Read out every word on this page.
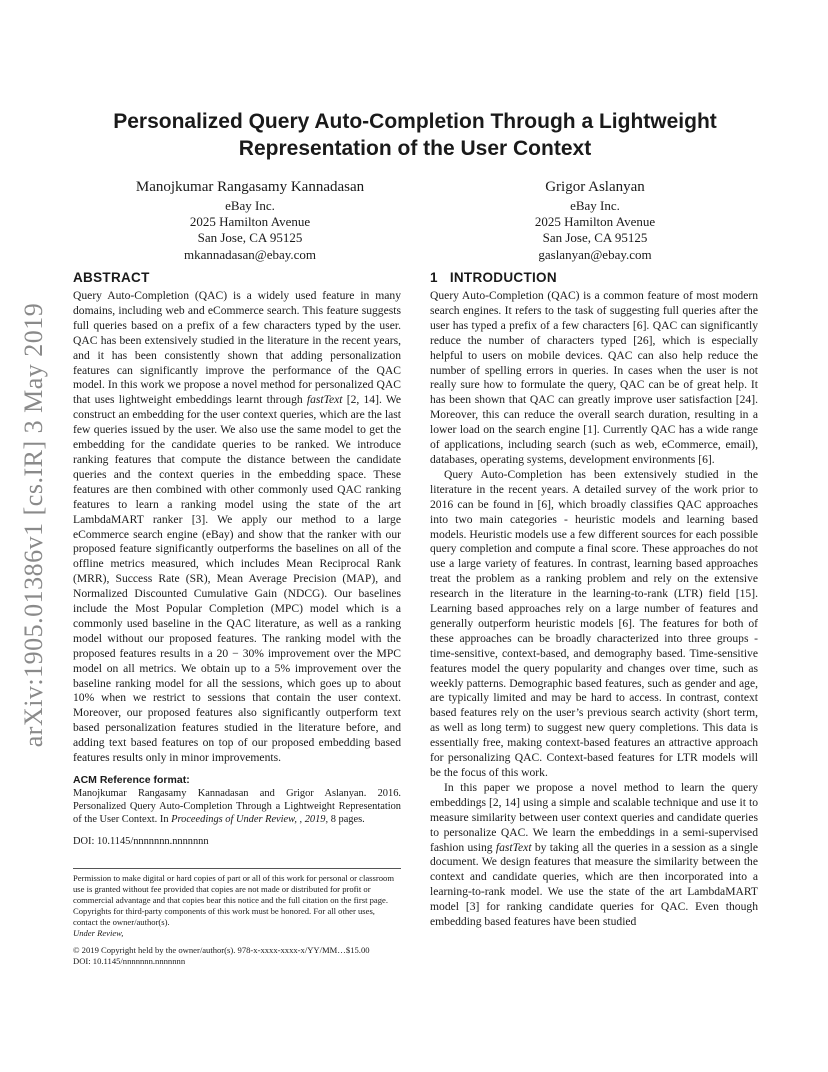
arXiv:1905.01386v1 [cs.IR] 3 May 2019
Personalized Query Auto-Completion Through a Lightweight Representation of the User Context
Manojkumar Rangasamy Kannadasan
eBay Inc.
2025 Hamilton Avenue
San Jose, CA 95125
mkannadasan@ebay.com
Grigor Aslanyan
eBay Inc.
2025 Hamilton Avenue
San Jose, CA 95125
gaslanyan@ebay.com
ABSTRACT

Query Auto-Completion (QAC) is a widely used feature in many domains, including web and eCommerce search. This feature suggests full queries based on a prefix of a few characters typed by the user. QAC has been extensively studied in the literature in the recent years, and it has been consistently shown that adding personalization features can significantly improve the performance of the QAC model. In this work we propose a novel method for personalized QAC that uses lightweight embeddings learnt through fastText [2, 14]. We construct an embedding for the user context queries, which are the last few queries issued by the user. We also use the same model to get the embedding for the candidate queries to be ranked. We introduce ranking features that compute the distance between the candidate queries and the context queries in the embedding space. These features are then combined with other commonly used QAC ranking features to learn a ranking model using the state of the art LambdaMART ranker [3]. We apply our method to a large eCommerce search engine (eBay) and show that the ranker with our proposed feature significantly outperforms the baselines on all of the offline metrics measured, which includes Mean Reciprocal Rank (MRR), Success Rate (SR), Mean Average Precision (MAP), and Normalized Discounted Cumulative Gain (NDCG). Our baselines include the Most Popular Completion (MPC) model which is a commonly used baseline in the QAC literature, as well as a ranking model without our proposed features. The ranking model with the proposed features results in a 20 − 30% improvement over the MPC model on all metrics. We obtain up to a 5% improvement over the baseline ranking model for all the sessions, which goes up to about 10% when we restrict to sessions that contain the user context. Moreover, our proposed features also significantly outperform text based personalization features studied in the literature before, and adding text based features on top of our proposed embedding based features results only in minor improvements.

ACM Reference format:

Manojkumar Rangasamy Kannadasan and Grigor Aslanyan. 2016. Personalized Query Auto-Completion Through a Lightweight Representation of the User Context. In Proceedings of Under Review, , 2019, 8 pages.

DOI: 10.1145/nnnnnnn.nnnnnnn

Permission to make digital or hard copies of part or all of this work for personal or classroom use is granted without fee provided that copies are not made or distributed for profit or commercial advantage and that copies bear this notice and the full citation on the first page. Copyrights for third-party components of this work must be honored. For all other uses, contact the owner/author(s).

Under Review,

© 2019 Copyright held by the owner/author(s). 978-x-xxxx-xxxx-x/YY/MM…$15.00

DOI: 10.1145/nnnnnnn.nnnnnnn

1 INTRODUCTION

Query Auto-Completion (QAC) is a common feature of most modern search engines. It refers to the task of suggesting full queries after the user has typed a prefix of a few characters [6]. QAC can significantly reduce the number of characters typed [26], which is especially helpful to users on mobile devices. QAC can also help reduce the number of spelling errors in queries. In cases when the user is not really sure how to formulate the query, QAC can be of great help. It has been shown that QAC can greatly improve user satisfaction [24]. Moreover, this can reduce the overall search duration, resulting in a lower load on the search engine [1]. Currently QAC has a wide range of applications, including search (such as web, eCommerce, email), databases, operating systems, development environments [6].

Query Auto-Completion has been extensively studied in the literature in the recent years. A detailed survey of the work prior to 2016 can be found in [6], which broadly classifies QAC approaches into two main categories - heuristic models and learning based models. Heuristic models use a few different sources for each possible query completion and compute a final score. These approaches do not use a large variety of features. In contrast, learning based approaches treat the problem as a ranking problem and rely on the extensive research in the literature in the learning-to-rank (LTR) field [15]. Learning based approaches rely on a large number of features and generally outperform heuristic models [6]. The features for both of these approaches can be broadly characterized into three groups - time-sensitive, context-based, and demography based. Time-sensitive features model the query popularity and changes over time, such as weekly patterns. Demographic based features, such as gender and age, are typically limited and may be hard to access. In contrast, context based features rely on the user’s previous search activity (short term, as well as long term) to suggest new query completions. This data is essentially free, making context-based features an attractive approach for personalizing QAC. Context-based features for LTR models will be the focus of this work.

In this paper we propose a novel method to learn the query embeddings [2, 14] using a simple and scalable technique and use it to measure similarity between user context queries and candidate queries to personalize QAC. We learn the embeddings in a semi-supervised fashion using fastText by taking all the queries in a session as a single document. We design features that measure the similarity between the context and candidate queries, which are then incorporated into a learning-to-rank model. We use the state of the art LambdaMART model [3] for ranking candidate queries for QAC. Even though embedding based features have been studied
